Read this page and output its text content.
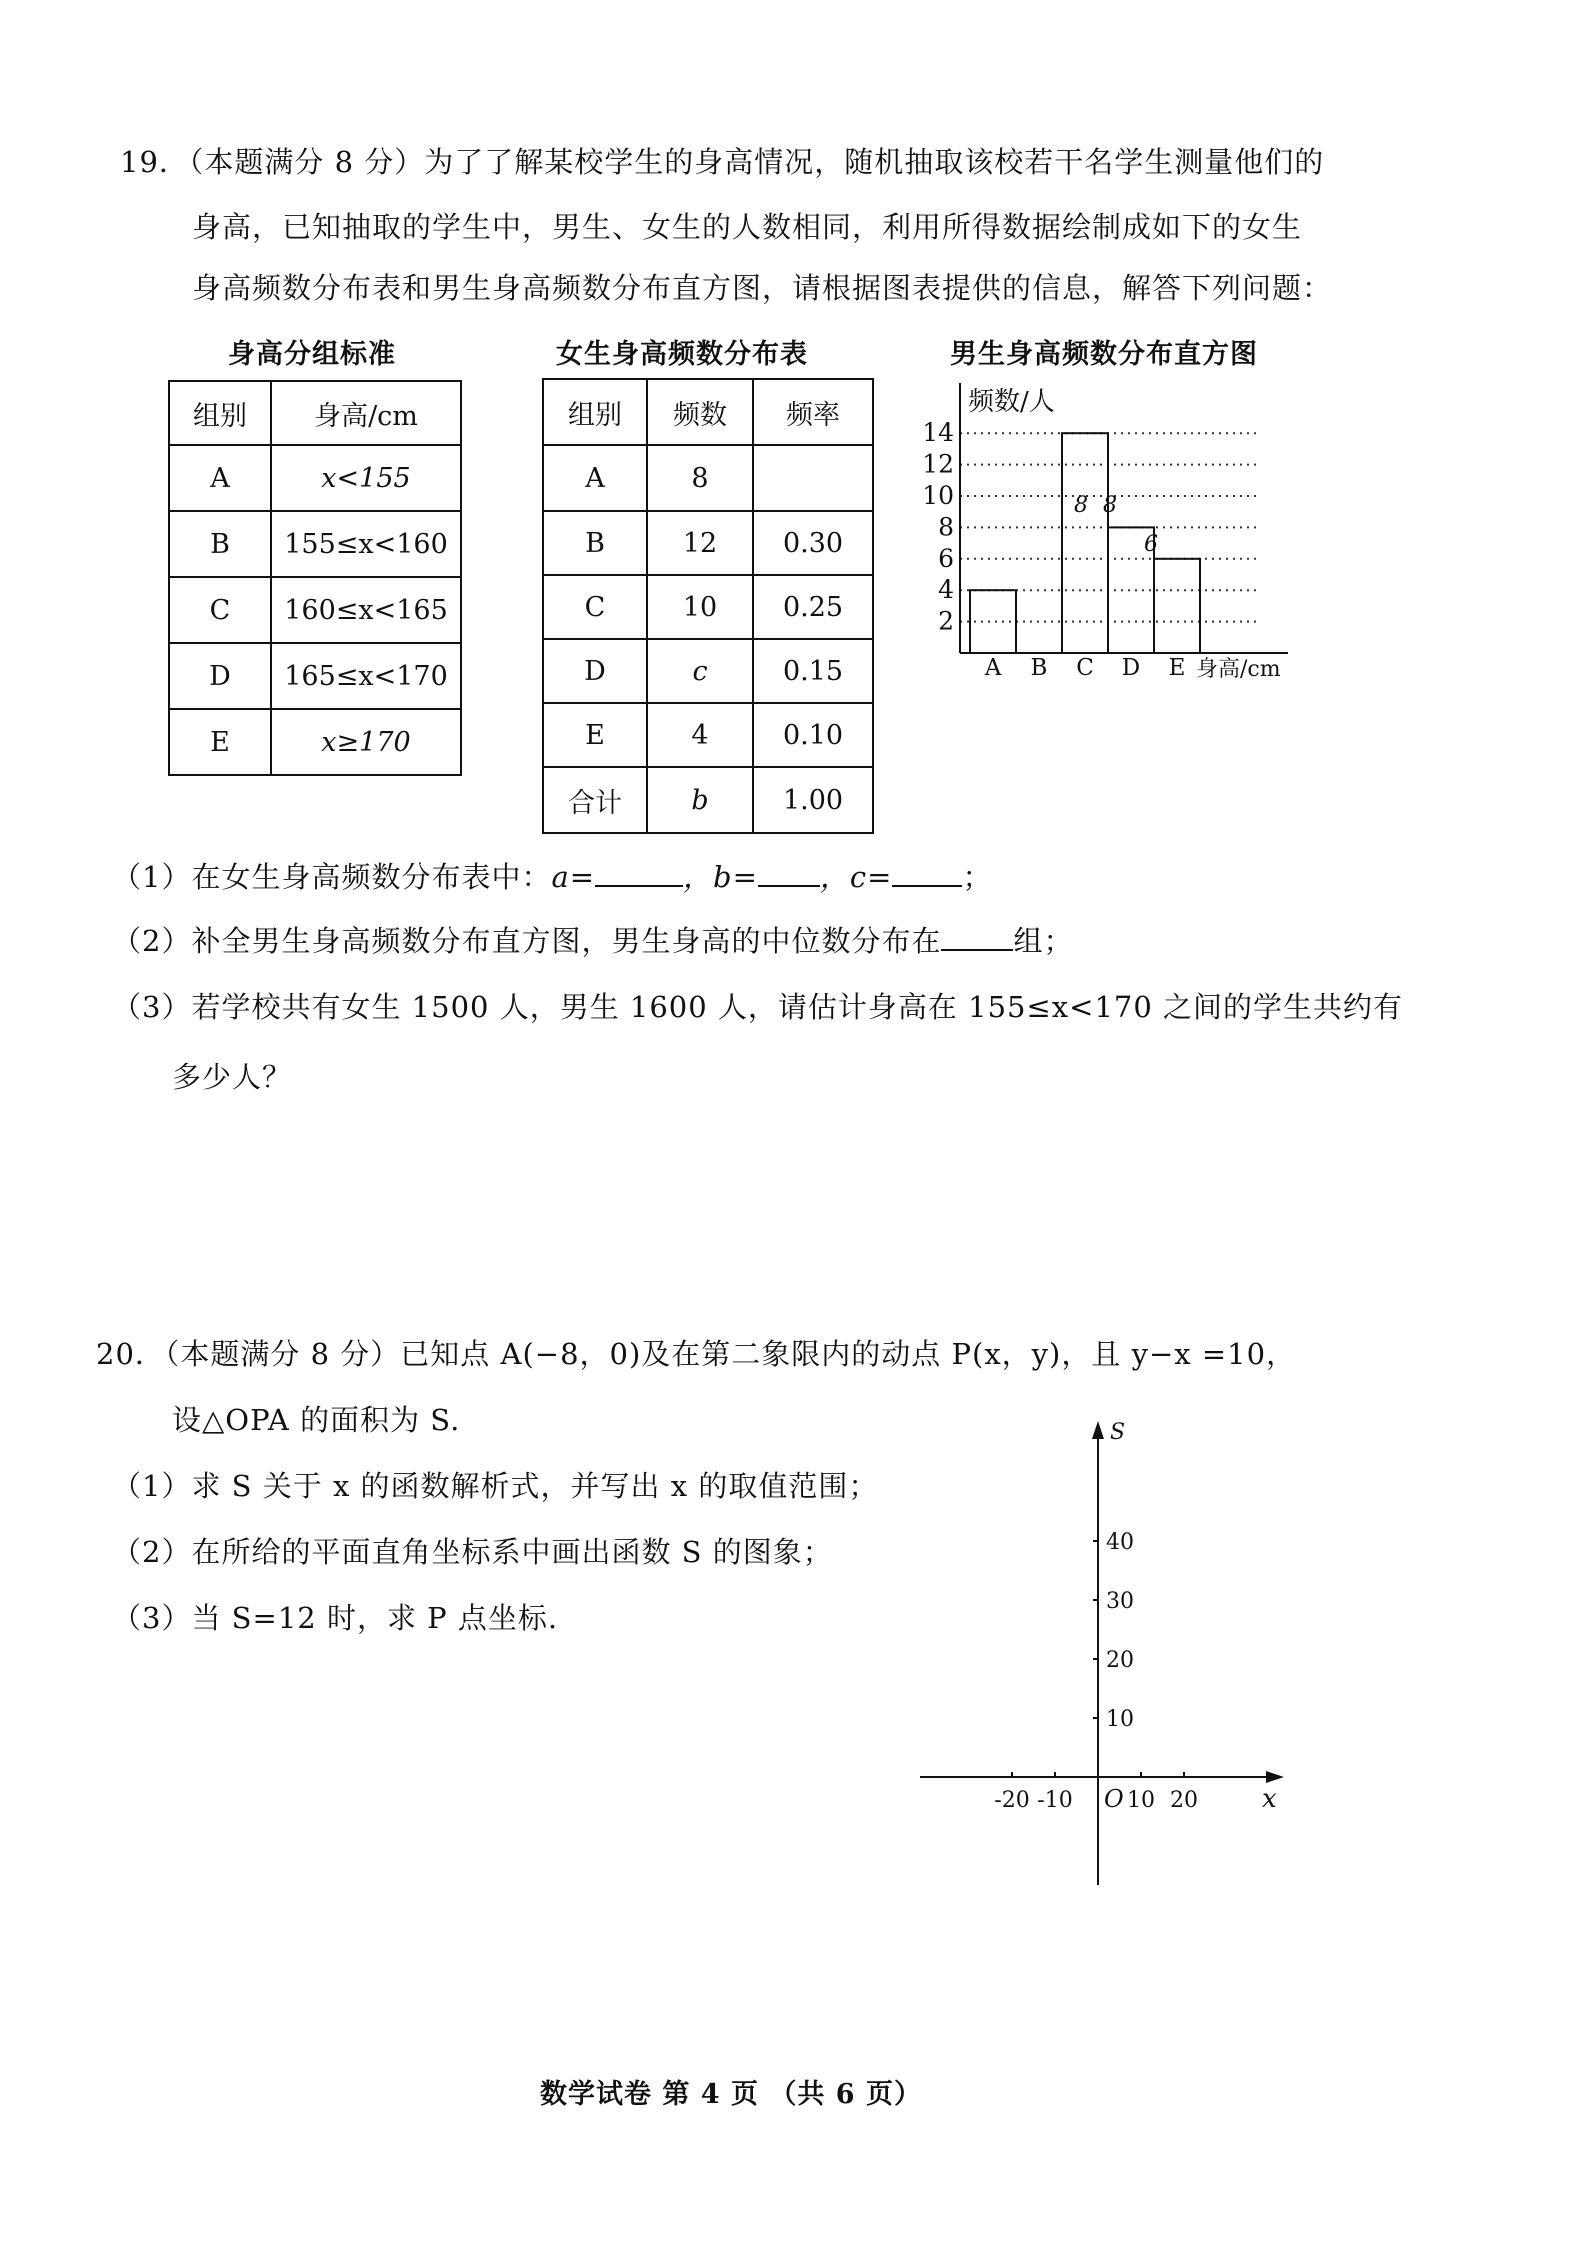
19．（本题满分 8 分）为了了解某校学生的身高情况，随机抽取该校若干名学生测量他们的
身高，已知抽取的学生中，男生、女生的人数相同，利用所得数据绘制成如下的女生
身高频数分布表和男生身高频数分布直方图，请根据图表提供的信息，解答下列问题：
身高分组标准
组别	身高/cm
A	x<155
B	155≤x<160
C	160≤x<165
D	165≤x<170
E	x≥170
女生身高频数分布表
组别	频数	频率
A	8	
B	12	0.30
C	10	0.25
D	c	0.15
E	4	0.10
合计	b	1.00
男生身高频数分布直方图
频数/人
2
4
6
8
10
12
14
A B C D E 身高/cm
8 8
6
（1）在女生身高频数分布表中：a=	，b= ，c= ；
（2）补全男生身高频数分布直方图，男生身高的中位数分布在 组；
（3）若学校共有女生 1500 人，男生 1600 人，请估计身高在 155≤x<170 之间的学生共约有
多少人？
20．（本题满分 8 分）已知点 A(−8，0)及在第二象限内的动点 P(x，y)，且 y−x =10，
设△OPA 的面积为 S.
（1）求 S 关于 x 的函数解析式，并写出 x 的取值范围；
（2）在所给的平面直角坐标系中画出函数 S 的图象；
（3）当 S=12 时，求 P 点坐标.
S
x
O
10
20
30
40
-20 -10 10 20
数学试卷 第 4 页 （共 6 页）
